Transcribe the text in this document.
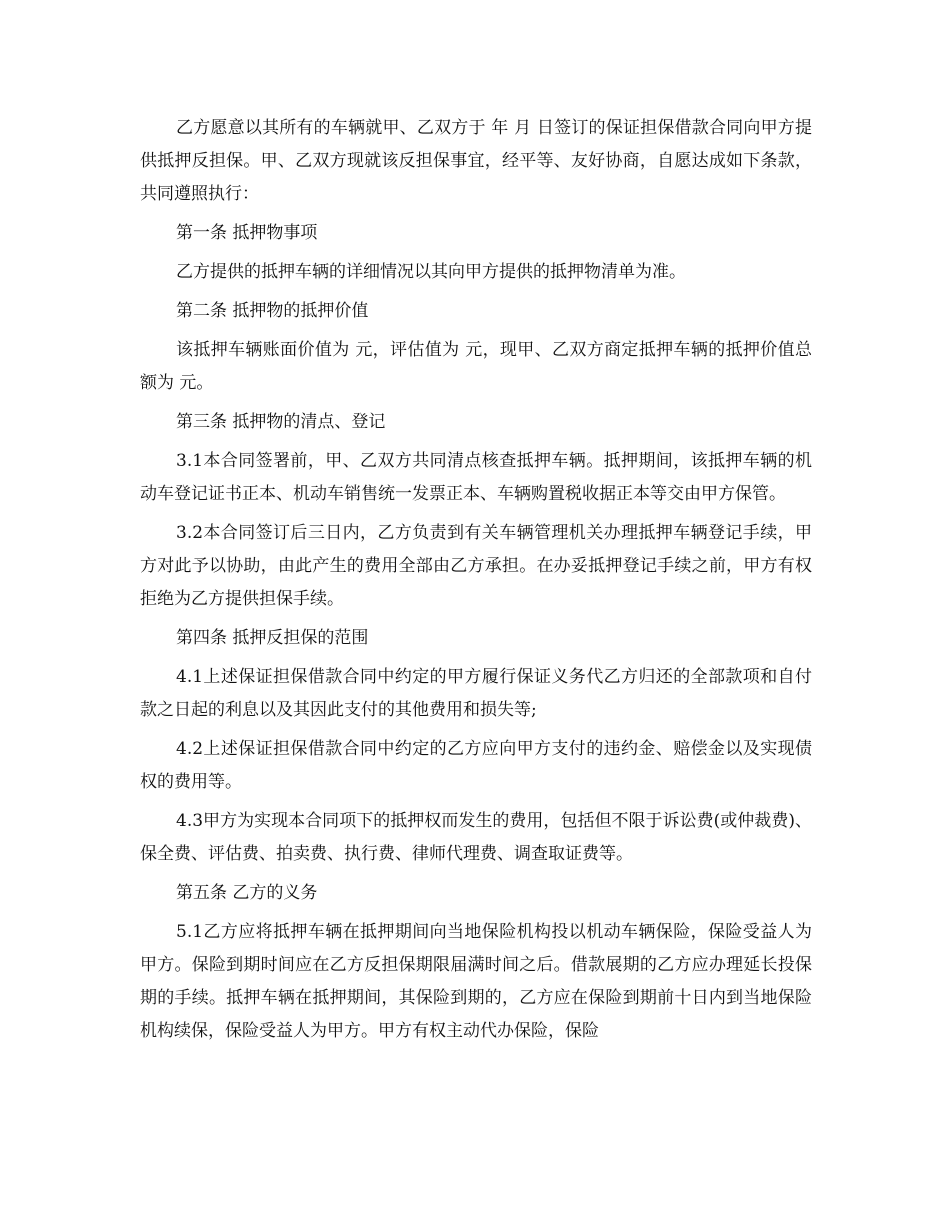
乙方愿意以其所有的车辆就甲、乙双方于 年 月 日签订的保证担保借款合同向甲方提供抵押反担保。甲、乙双方现就该反担保事宜，经平等、友好协商，自愿达成如下条款，共同遵照执行：

第一条 抵押物事项

乙方提供的抵押车辆的详细情况以其向甲方提供的抵押物清单为准。

第二条 抵押物的抵押价值

该抵押车辆账面价值为 元，评估值为 元，现甲、乙双方商定抵押车辆的抵押价值总额为 元。

第三条 抵押物的清点、登记

3.1本合同签署前，甲、乙双方共同清点核查抵押车辆。抵押期间，该抵押车辆的机动车登记证书正本、机动车销售统一发票正本、车辆购置税收据正本等交由甲方保管。

3.2本合同签订后三日内，乙方负责到有关车辆管理机关办理抵押车辆登记手续，甲方对此予以协助，由此产生的费用全部由乙方承担。在办妥抵押登记手续之前，甲方有权拒绝为乙方提供担保手续。

第四条 抵押反担保的范围

4.1上述保证担保借款合同中约定的甲方履行保证义务代乙方归还的全部款项和自付款之日起的利息以及其因此支付的其他费用和损失等;

4.2上述保证担保借款合同中约定的乙方应向甲方支付的违约金、赔偿金以及实现债权的费用等。

4.3甲方为实现本合同项下的抵押权而发生的费用，包括但不限于诉讼费(或仲裁费)、保全费、评估费、拍卖费、执行费、律师代理费、调查取证费等。

第五条 乙方的义务

5.1乙方应将抵押车辆在抵押期间向当地保险机构投以机动车辆保险，保险受益人为甲方。保险到期时间应在乙方反担保期限届满时间之后。借款展期的乙方应办理延长投保期的手续。抵押车辆在抵押期间，其保险到期的，乙方应在保险到期前十日内到当地保险机构续保，保险受益人为甲方。甲方有权主动代办保险，保险
